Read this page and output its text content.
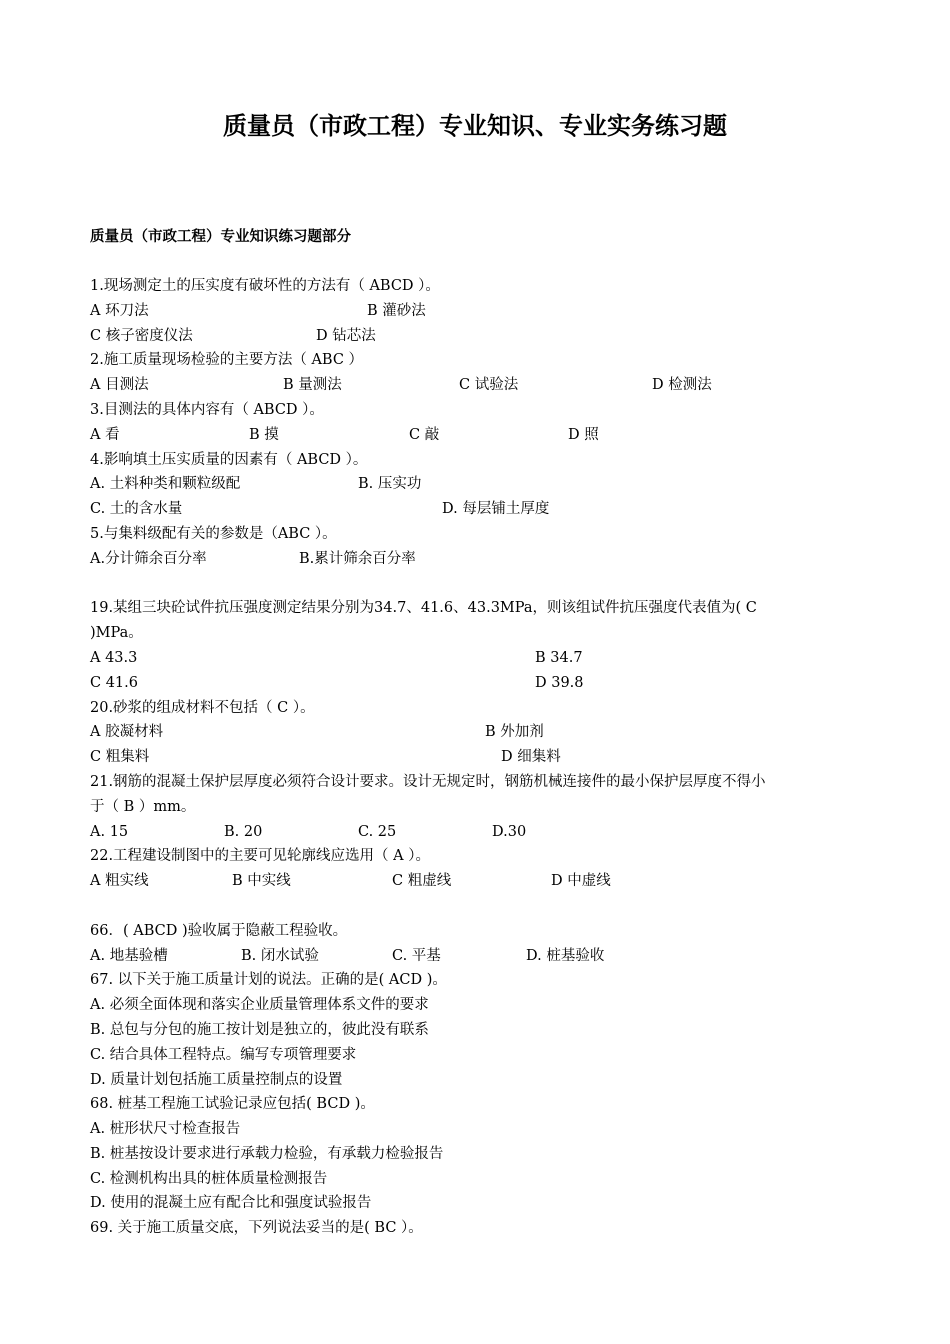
质量员（市政工程）专业知识、专业实务练习题
质量员（市政工程）专业知识练习题部分
1.现场测定土的压实度有破坏性的方法有（ ABCD ）。
A 环刀法	B 灌砂法
C 核子密度仪法	D 钻芯法
2.施工质量现场检验的主要方法（ ABC ）
A 目测法	B 量测法	C 试验法	D 检测法
3.目测法的具体内容有（ ABCD ）。
A 看	B 摸	C 敲	D 照
4.影响填土压实质量的因素有（ ABCD ）。
A. 土料种类和颗粒级配	B. 压实功
C. 土的含水量	D. 每层铺土厚度
5.与集料级配有关的参数是（ABC ）。
A.分计筛余百分率	B.累计筛余百分率
19.某组三块砼试件抗压强度测定结果分别为34.7、41.6、43.3MPa，则该组试件抗压强度代表值为( C
)MPa。
A 43.3	B 34.7
C 41.6	D 39.8
20.砂浆的组成材料不包括（ C ）。
A 胶凝材料	B 外加剂
C 粗集料	D 细集料
21.钢筋的混凝土保护层厚度必须符合设计要求。设计无规定时，钢筋机械连接件的最小保护层厚度不得小
于（ B ）mm。
A. 15	B. 20	C. 25	D.30
22.工程建设制图中的主要可见轮廓线应选用（ A ）。
A 粗实线	B 中实线	C 粗虚线	D 中虚线
66．( ABCD )验收属于隐蔽工程验收。
A. 地基验槽	B. 闭水试验	C. 平基	D. 桩基验收
67. 以下关于施工质量计划的说法。正确的是( ACD )。
A. 必须全面体现和落实企业质量管理体系文件的要求
B. 总包与分包的施工按计划是独立的，彼此没有联系
C. 结合具体工程特点。编写专项管理要求
D. 质量计划包括施工质量控制点的设置
68. 桩基工程施工试验记录应包括( BCD )。
A. 桩形状尺寸检查报告
B. 桩基按设计要求进行承载力检验，有承载力检验报告
C. 检测机构出具的桩体质量检测报告
D. 使用的混凝土应有配合比和强度试验报告
69. 关于施工质量交底，下列说法妥当的是( BC ）。
